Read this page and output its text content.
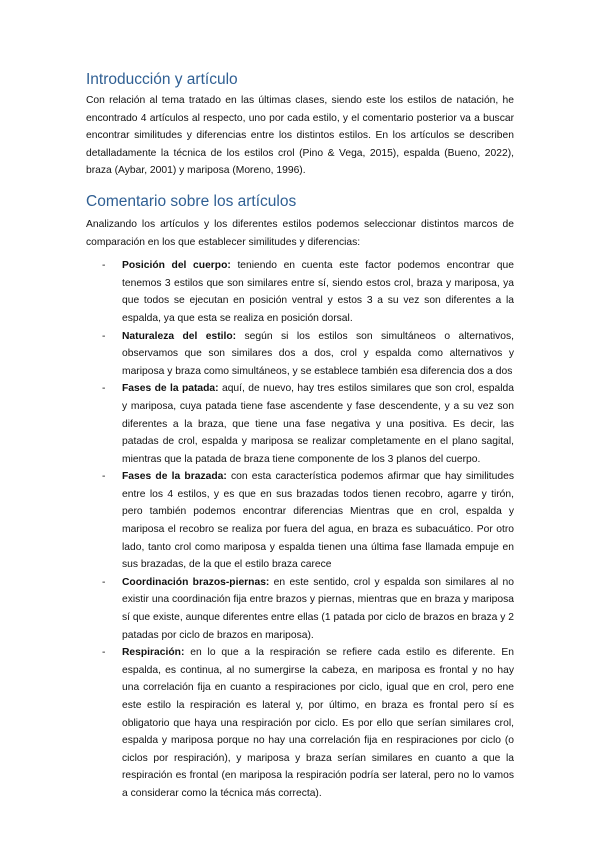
Introducción y artículo

Con relación al tema tratado en las últimas clases, siendo este los estilos de natación, he encontrado 4 artículos al respecto, uno por cada estilo, y el comentario posterior va a buscar encontrar similitudes y diferencias entre los distintos estilos. En los artículos se describen detalladamente la técnica de los estilos crol (Pino & Vega, 2015), espalda (Bueno, 2022), braza (Aybar, 2001) y mariposa (Moreno, 1996).

Comentario sobre los artículos

Analizando los artículos y los diferentes estilos podemos seleccionar distintos marcos de comparación en los que establecer similitudes y diferencias:

- Posición del cuerpo: teniendo en cuenta este factor podemos encontrar que tenemos 3 estilos que son similares entre sí, siendo estos crol, braza y mariposa, ya que todos se ejecutan en posición ventral y estos 3 a su vez son diferentes a la espalda, ya que esta se realiza en posición dorsal.
- Naturaleza del estilo: según si los estilos son simultáneos o alternativos, observamos que son similares dos a dos, crol y espalda como alternativos y mariposa y braza como simultáneos, y se establece también esa diferencia dos a dos
- Fases de la patada: aquí, de nuevo, hay tres estilos similares que son crol, espalda y mariposa, cuya patada tiene fase ascendente y fase descendente, y a su vez son diferentes a la braza, que tiene una fase negativa y una positiva. Es decir, las patadas de crol, espalda y mariposa se realizar completamente en el plano sagital, mientras que la patada de braza tiene componente de los 3 planos del cuerpo.
- Fases de la brazada: con esta característica podemos afirmar que hay similitudes entre los 4 estilos, y es que en sus brazadas todos tienen recobro, agarre y tirón, pero también podemos encontrar diferencias Mientras que en crol, espalda y mariposa el recobro se realiza por fuera del agua, en braza es subacuático. Por otro lado, tanto crol como mariposa y espalda tienen una última fase llamada empuje en sus brazadas, de la que el estilo braza carece
- Coordinación brazos-piernas: en este sentido, crol y espalda son similares al no existir una coordinación fija entre brazos y piernas, mientras que en braza y mariposa sí que existe, aunque diferentes entre ellas (1 patada por ciclo de brazos en braza y 2 patadas por ciclo de brazos en mariposa).
- Respiración: en lo que a la respiración se refiere cada estilo es diferente. En espalda, es continua, al no sumergirse la cabeza, en mariposa es frontal y no hay una correlación fija en cuanto a respiraciones por ciclo, igual que en crol, pero ene este estilo la respiración es lateral y, por último, en braza es frontal pero sí es obligatorio que haya una respiración por ciclo. Es por ello que serían similares crol, espalda y mariposa porque no hay una correlación fija en respiraciones por ciclo (o ciclos por respiración), y mariposa y braza serían similares en cuanto a que la respiración es frontal (en mariposa la respiración podría ser lateral, pero no lo vamos a considerar como la técnica más correcta).
